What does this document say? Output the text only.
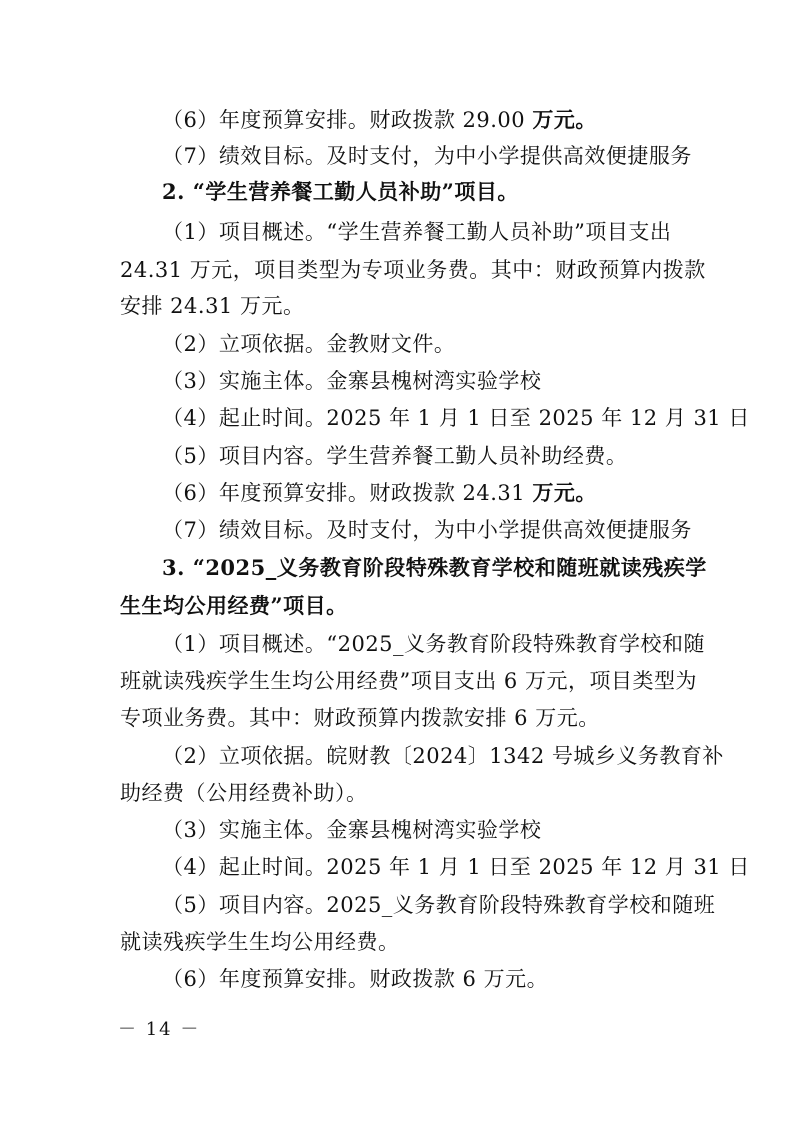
（6）年度预算安排。财政拨款 29.00 万元。
（7）绩效目标。及时支付，为中小学提供高效便捷服务
2. “学生营养餐工勤人员补助”项目。
（1）项目概述。“学生营养餐工勤人员补助”项目支出
24.31 万元，项目类型为专项业务费。其中：财政预算内拨款
安排 24.31 万元。
（2）立项依据。金教财文件。
（3）实施主体。金寨县槐树湾实验学校
（4）起止时间。2025 年 1 月 1 日至 2025 年 12 月 31 日
（5）项目内容。学生营养餐工勤人员补助经费。
（6）年度预算安排。财政拨款 24.31 万元。
（7）绩效目标。及时支付，为中小学提供高效便捷服务
3. “2025_义务教育阶段特殊教育学校和随班就读残疾学
生生均公用经费”项目。
（1）项目概述。“2025_义务教育阶段特殊教育学校和随
班就读残疾学生生均公用经费”项目支出 6 万元，项目类型为
专项业务费。其中：财政预算内拨款安排 6 万元。
（2）立项依据。皖财教〔2024〕1342 号城乡义务教育补
助经费（公用经费补助）。
（3）实施主体。金寨县槐树湾实验学校
（4）起止时间。2025 年 1 月 1 日至 2025 年 12 月 31 日
（5）项目内容。2025_义务教育阶段特殊教育学校和随班
就读残疾学生生均公用经费。
（6）年度预算安排。财政拨款 6 万元。
－ 14 －
